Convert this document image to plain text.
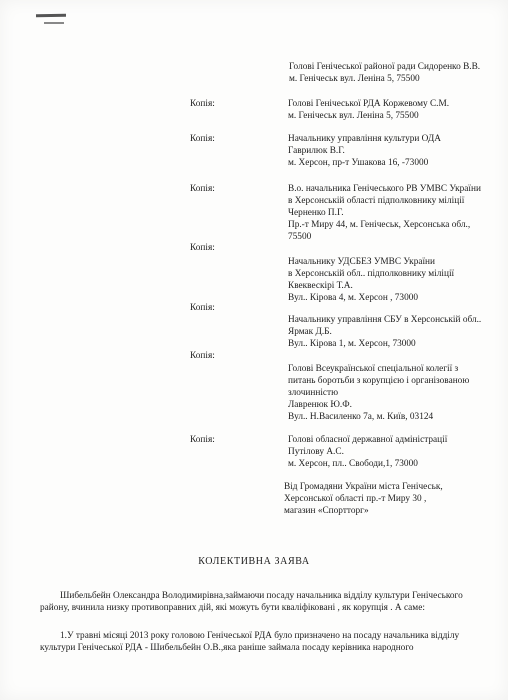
Голові Генічеської районої ради Сидоренко В.В.
м. Генічеськ вул. Леніна 5, 75500
Копія:	Голові Генічеської РДА Коржевому С.М.
м. Генічеськ вул. Леніна 5, 75500
Копія:	Начальнику управління культури ОДА
Гаврилюк В.Г.
м. Херсон, пр-т Ушакова 16, -73000
Копія:	В.о. начальника Генічеського РВ УМВС України
в Херсонській області підполковнику міліції
Черненко П.Г.
Пр.-т Миру 44, м. Генічеськ, Херсонська обл.,
75500
Копія:
Начальнику УДСБЕЗ УМВС України
в Херсонській обл.. підполковнику міліції
Квеквескірі Т.А.
Вул.. Кірова 4, м. Херсон , 73000
Копія:
Начальнику управління СБУ в Херсонській обл..
Ярмак Д.Б.
Вул.. Кірова 1, м. Херсон, 73000
Копія:
Голові Всеукраїнської спеціальної колегії з
питань боротьби з корупцією і організованою
злочинністю
Лавренюк Ю.Ф.
Вул.. Н.Василенко 7а, м. Київ, 03124
Копія:	Голові обласної державної адміністрації
Путілову А.С.
м. Херсон, пл.. Свободи,1, 73000
Від Громадяни України міста Генічеськ,
Херсонської області пр.-т Миру 30 ,
магазин «Спортторг»
КОЛЕКТИВНА ЗАЯВА
Шибельбейн Олександра Володимирівна,займаючи посаду начальника відділу культури Генічеського
району, вчинила низку противоправних дій, які можуть бути кваліфіковані , як корупція . А саме:
1.У травні місяці 2013 року головою Генічеської РДА було призначено на посаду начальника відділу
культури Генічеської РДА - Шибельбейн О.В.,яка раніше займала посаду керівника народного
